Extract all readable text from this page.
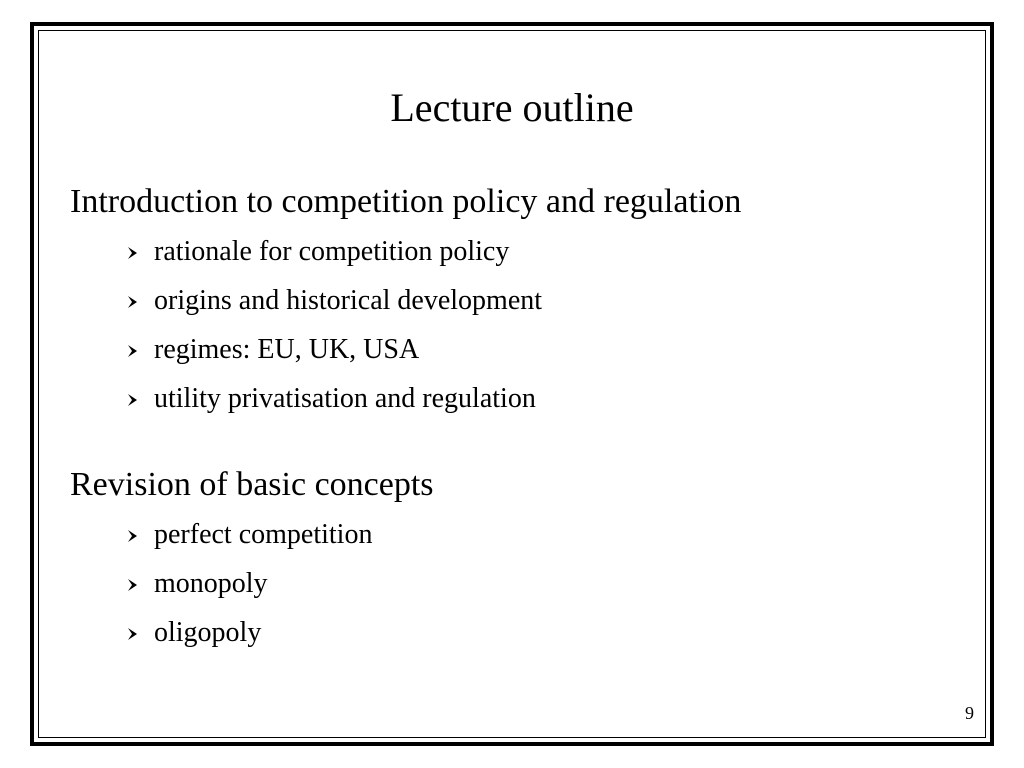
Lecture outline
Introduction to competition policy and regulation
rationale for competition policy
origins and historical development
regimes: EU, UK, USA
utility privatisation and regulation
Revision of basic concepts
perfect competition
monopoly
oligopoly
9
